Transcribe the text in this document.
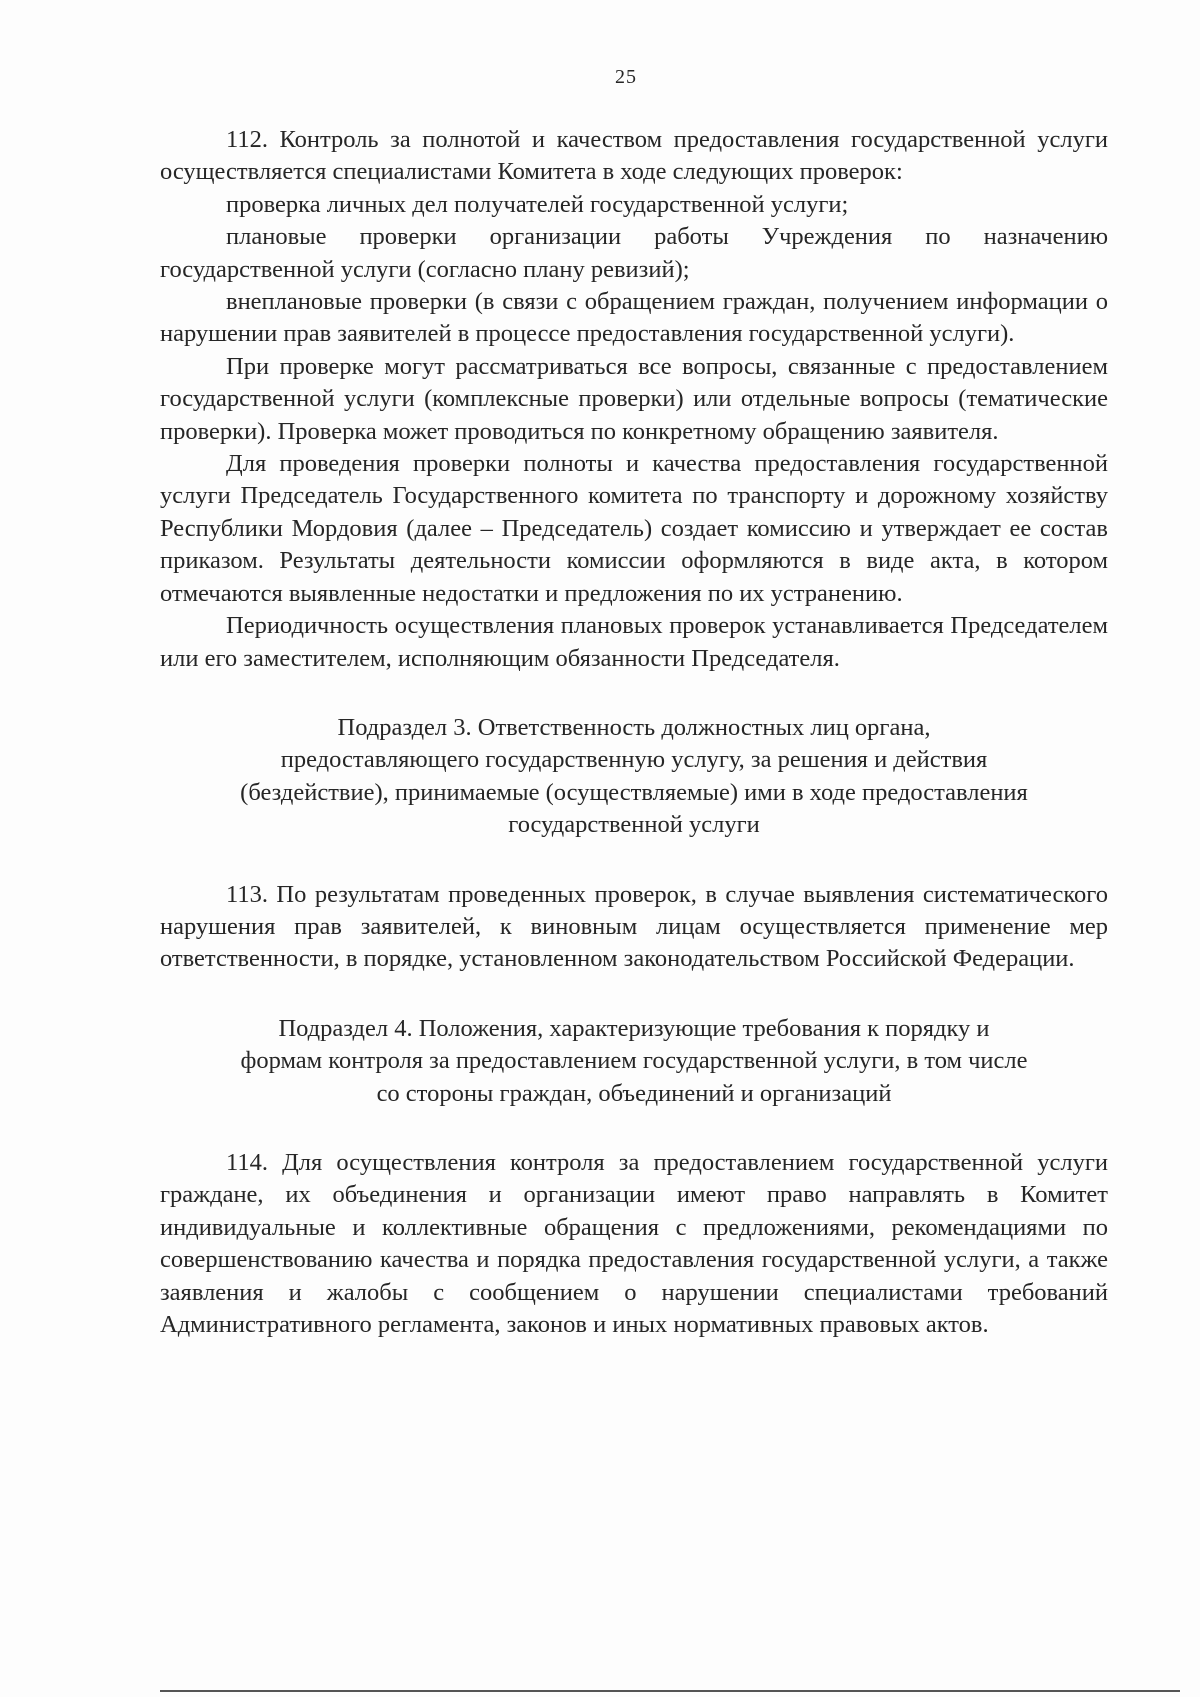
25

112. Контроль за полнотой и качеством предоставления государственной услуги осуществляется специалистами Комитета в ходе следующих проверок:

проверка личных дел получателей государственной услуги;

плановые проверки организации работы Учреждения по назначению государственной услуги (согласно плану ревизий);

внеплановые проверки (в связи с обращением граждан, получением информации о нарушении прав заявителей в процессе предоставления государственной услуги).

При проверке могут рассматриваться все вопросы, связанные с предоставлением государственной услуги (комплексные проверки) или отдельные вопросы (тематические проверки). Проверка может проводиться по конкретному обращению заявителя.

Для проведения проверки полноты и качества предоставления государственной услуги Председатель Государственного комитета по транспорту и дорожному хозяйству Республики Мордовия (далее – Председатель) создает комиссию и утверждает ее состав приказом. Результаты деятельности комиссии оформляются в виде акта, в котором отмечаются выявленные недостатки и предложения по их устранению.

Периодичность осуществления плановых проверок устанавливается Председателем или его заместителем, исполняющим обязанности Председателя.

Подраздел 3. Ответственность должностных лиц органа,

предоставляющего государственную услугу, за решения и действия

(бездействие), принимаемые (осуществляемые) ими в ходе предоставления

государственной услуги

113. По результатам проведенных проверок, в случае выявления систематического нарушения прав заявителей, к виновным лицам осуществляется применение мер ответственности, в порядке, установленном законодательством Российской Федерации.

Подраздел 4. Положения, характеризующие требования к порядку и

формам контроля за предоставлением государственной услуги, в том числе

со стороны граждан, объединений и организаций

114. Для осуществления контроля за предоставлением государственной услуги граждане, их объединения и организации имеют право направлять в Комитет индивидуальные и коллективные обращения с предложениями, рекомендациями по совершенствованию качества и порядка предоставления государственной услуги, а также заявления и жалобы с сообщением о нарушении специалистами требований Административного регламента, законов и иных нормативных правовых актов.
